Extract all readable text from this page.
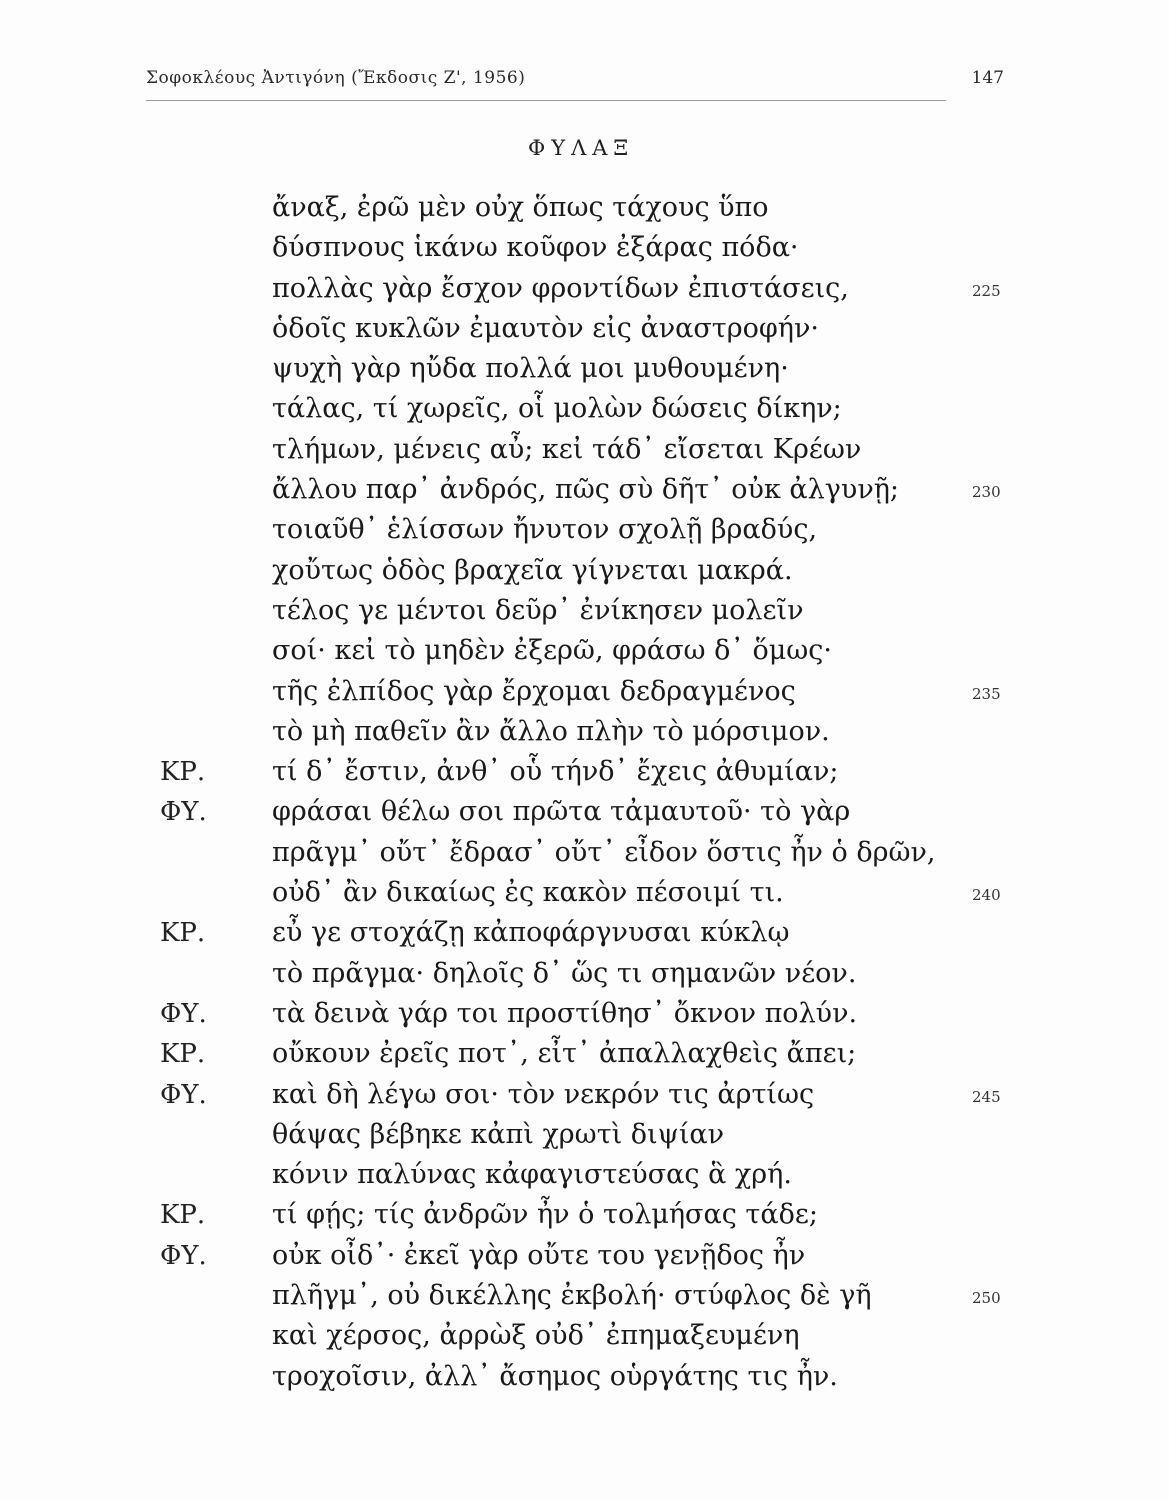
Σοφοκλέους Ἀντιγόνη (Ἔκδοσις Ζ', 1956)	147
ΦΥΛΑΞ
ἄναξ, ἐρῶ μὲν οὐχ ὅπως τάχους ὕπο
δύσπνους ἱκάνω κοῦφον ἐξάρας πόδα·
πολλὰς γὰρ ἔσχον φροντίδων ἐπιστάσεις,	225
ὁδοῖς κυκλῶν ἐμαυτὸν εἰς ἀναστροφήν·
ψυχὴ γὰρ ηὔδα πολλά μοι μυθουμένη·
τάλας, τί χωρεῖς, οἷ μολὼν δώσεις δίκην;
τλήμων, μένεις αὖ; κεἰ τάδ᾽ εἴσεται Κρέων
ἄλλου παρ᾽ ἀνδρός, πῶς σὺ δῆτ᾽ οὐκ ἀλγυνῇ;	230
τοιαῦθ᾽ ἑλίσσων ἤνυτον σχολῇ βραδύς,
χοὔτως ὁδὸς βραχεῖα γίγνεται μακρά.
τέλος γε μέντοι δεῦρ᾽ ἐνίκησεν μολεῖν
σοί· κεἰ τὸ μηδὲν ἐξερῶ, φράσω δ᾽ ὅμως·
τῆς ἐλπίδος γὰρ ἔρχομαι δεδραγμένος	235
τὸ μὴ παθεῖν ἂν ἄλλο πλὴν τὸ μόρσιμον.
ΚΡ. τί δ᾽ ἔστιν, ἀνθ᾽ οὗ τήνδ᾽ ἔχεις ἀθυμίαν;
ΦΥ. φράσαι θέλω σοι πρῶτα τἀμαυτοῦ· τὸ γὰρ
πρᾶγμ᾽ οὔτ᾽ ἔδρασ᾽ οὔτ᾽ εἶδον ὅστις ἦν ὁ δρῶν,
οὐδ᾽ ἂν δικαίως ἐς κακὸν πέσοιμί τι.	240
ΚΡ. εὖ γε στοχάζῃ κἀποφάργνυσαι κύκλῳ
τὸ πρᾶγμα· δηλοῖς δ᾽ ὥς τι σημανῶν νέον.
ΦΥ. τὰ δεινὰ γάρ τοι προστίθησ᾽ ὄκνον πολύν.
ΚΡ. οὔκουν ἐρεῖς ποτ᾽, εἶτ᾽ ἀπαλλαχθεὶς ἄπει;
ΦΥ. καὶ δὴ λέγω σοι· τὸν νεκρόν τις ἀρτίως	245
θάψας βέβηκε κἀπὶ χρωτὶ διψίαν
κόνιν παλύνας κἀφαγιστεύσας ἃ χρή.
ΚΡ. τί φῄς; τίς ἀνδρῶν ἦν ὁ τολμήσας τάδε;
ΦΥ. οὐκ οἶδ᾽· ἐκεῖ γὰρ οὔτε του γενῇδος ἦν
πλῆγμ᾽, οὐ δικέλλης ἐκβολή· στύφλος δὲ γῆ	250
καὶ χέρσος, ἀρρὼξ οὐδ᾽ ἐπημαξευμένη
τροχοῖσιν, ἀλλ᾽ ἄσημος οὑργάτης τις ἦν.
